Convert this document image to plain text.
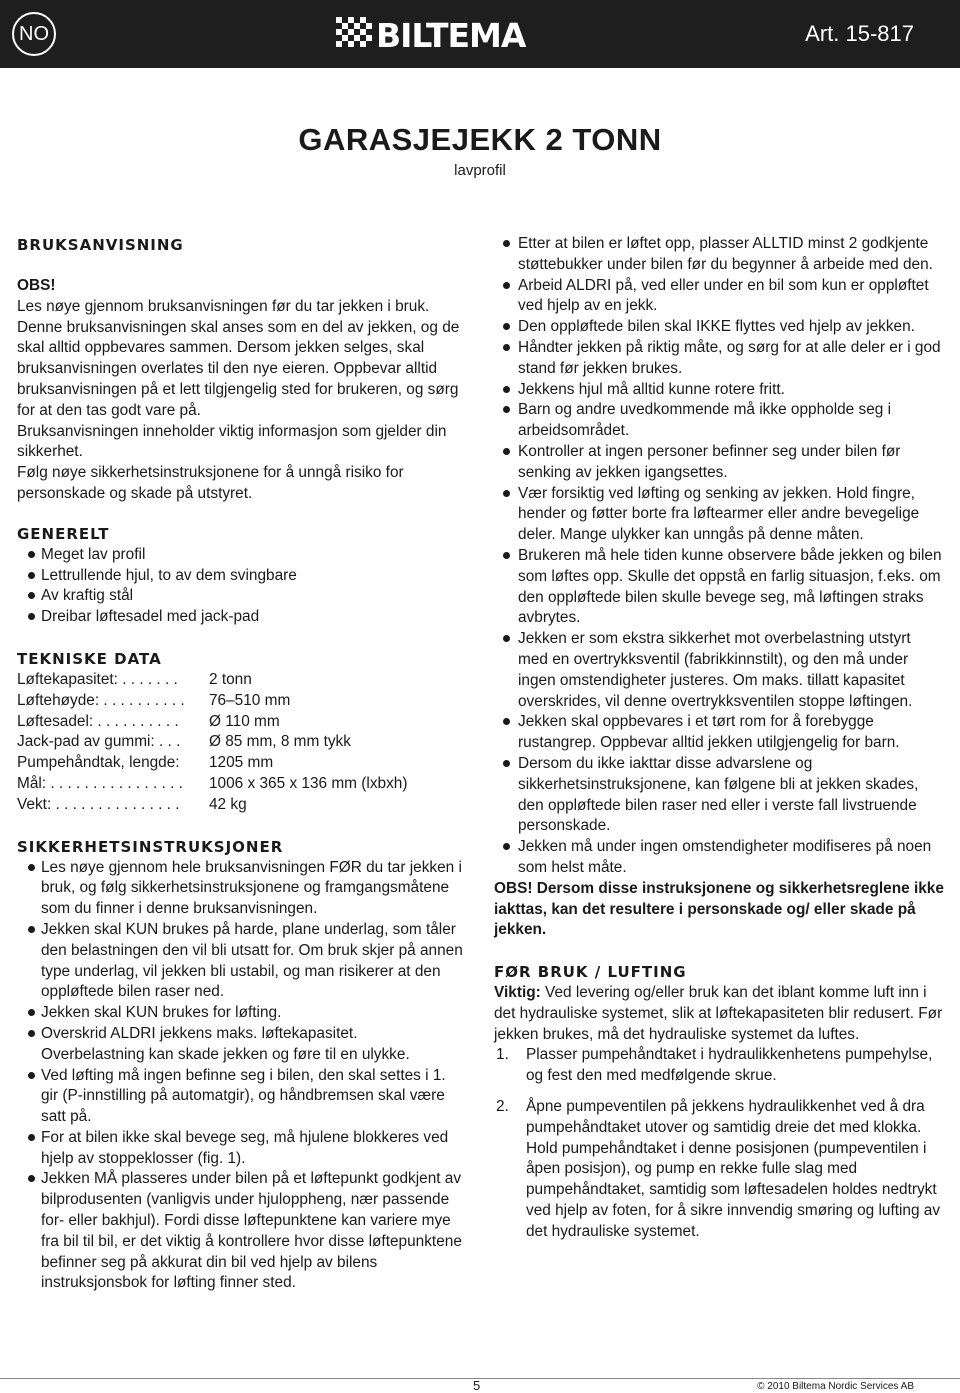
NO	BILTEMA	Art. 15-817
GARASJEJEKK 2 TONN
lavprofil
BRUKSANVISNING

OBS!

Les nøye gjennom bruksanvisningen før du tar jekken i bruk. Denne bruksanvisningen skal anses som en del av jekken, og de skal alltid oppbevares sammen. Dersom jekken selges, skal bruksanvisningen overlates til den nye eieren. Oppbevar alltid bruksanvisningen på et lett tilgjengelig sted for brukeren, og sørg for at den tas godt vare på.

Bruksanvisningen inneholder viktig informasjon som gjelder din sikkerhet.

Følg nøye sikkerhetsinstruksjonene for å unngå risiko for personskade og skade på utstyret.

GENERELT
Meget lav profil
Lettrullende hjul, to av dem svingbare
Av kraftig stål
Dreibar løftesadel med jack-pad
TEKNISKE DATA
Løftekapasitet: . . . . . . .	2 tonn
Løftehøyde: . . . . . . . . . .	76–510 mm
Løftesadel: . . . . . . . . . .	Ø 110 mm
Jack-pad av gummi: . . .	Ø 85 mm, 8 mm tykk
Pumpehåndtak, lengde:	1205 mm
Mål: . . . . . . . . . . . . . . . .	1006 x 365 x 136 mm (lxbxh)
Vekt: . . . . . . . . . . . . . . .	42 kg
SIKKERHETSINSTRUKSJONER
Les nøye gjennom hele bruksanvisningen FØR du tar jekken i bruk, og følg sikkerhetsinstruksjonene og framgangsmåtene som du finner i denne bruksanvisningen.
Jekken skal KUN brukes på harde, plane underlag, som tåler den belastningen den vil bli utsatt for. Om bruk skjer på annen type underlag, vil jekken bli ustabil, og man risikerer at den oppløftede bilen raser ned.
Jekken skal KUN brukes for løfting.
Overskrid ALDRI jekkens maks. løftekapasitet. Overbelastning kan skade jekken og føre til en ulykke.
Ved løfting må ingen befinne seg i bilen, den skal settes i 1. gir (P-innstilling på automatgir), og håndbremsen skal være satt på.
For at bilen ikke skal bevege seg, må hjulene blokkeres ved hjelp av stoppeklosser (fig. 1).
Jekken MÅ plasseres under bilen på et løftepunkt godkjent av bilprodusenten (vanligvis under hjuloppheng, nær passende for- eller bakhjul). Fordi disse løftepunktene kan variere mye fra bil til bil, er det viktig å kontrollere hvor disse løftepunktene befinner seg på akkurat din bil ved hjelp av bilens instruksjonsbok for løfting finner sted.
Etter at bilen er løftet opp, plasser ALLTID minst 2 godkjente støttebukker under bilen før du begynner å arbeide med den.
Arbeid ALDRI på, ved eller under en bil som kun er oppløftet ved hjelp av en jekk.
Den oppløftede bilen skal IKKE flyttes ved hjelp av jekken.
Håndter jekken på riktig måte, og sørg for at alle deler er i god stand før jekken brukes.
Jekkens hjul må alltid kunne rotere fritt.
Barn og andre uvedkommende må ikke oppholde seg i arbeidsområdet.
Kontroller at ingen personer befinner seg under bilen før senking av jekken igangsettes.
Vær forsiktig ved løfting og senking av jekken. Hold fingre, hender og føtter borte fra løftearmer eller andre bevegelige deler. Mange ulykker kan unngås på denne måten.
Brukeren må hele tiden kunne observere både jekken og bilen som løftes opp. Skulle det oppstå en farlig situasjon, f.eks. om den oppløftede bilen skulle bevege seg, må løftingen straks avbrytes.
Jekken er som ekstra sikkerhet mot overbelastning utstyrt med en overtrykksventil (fabrikkinnstilt), og den må under ingen omstendigheter justeres. Om maks. tillatt kapasitet overskrides, vil denne overtrykksventilen stoppe løftingen.
Jekken skal oppbevares i et tørt rom for å forebygge rustangrep. Oppbevar alltid jekken utilgjengelig for barn.
Dersom du ikke iakttar disse advarslene og sikkerhetsinstruksjonene, kan følgene bli at jekken skades, den oppløftede bilen raser ned eller i verste fall livstruende personskade.
Jekken må under ingen omstendigheter modifiseres på noen som helst måte.

OBS! Dersom disse instruksjonene og sikkerhetsreglene ikke iakttas, kan det resultere i personskade og/ eller skade på jekken.

FØR BRUK / LUFTING

Viktig: Ved levering og/eller bruk kan det iblant komme luft inn i det hydrauliske systemet, slik at løftekapasiteten blir redusert. Før jekken brukes, må det hydrauliske systemet da luftes.

1. Plasser pumpehåndtaket i hydraulikkenhetens pumpehylse, og fest den med medfølgende skrue.
2. Åpne pumpeventilen på jekkens hydraulikkenhet ved å dra pumpehåndtaket utover og samtidig dreie det med klokka. Hold pumpehåndtaket i denne posisjonen (pumpeventilen i åpen posisjon), og pump en rekke fulle slag med pumpehåndtaket, samtidig som løftesadelen holdes nedtrykt ved hjelp av foten, for å sikre innvendig smøring og lufting av det hydrauliske systemet.
5	© 2010 Biltema Nordic Services AB
